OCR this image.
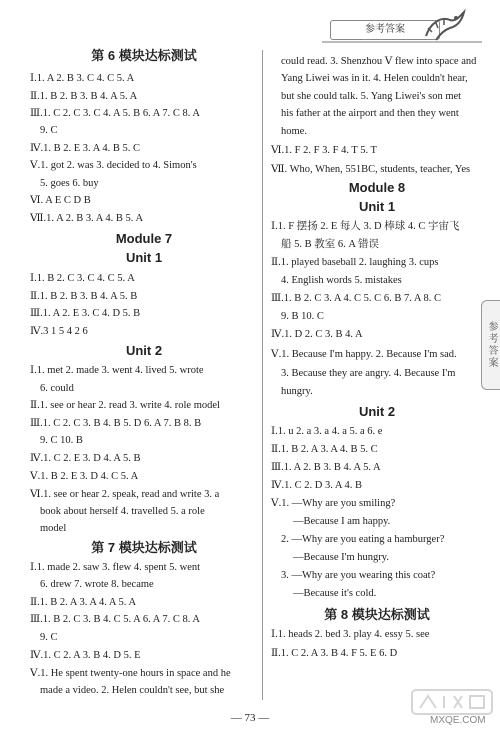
参考答案
第 6 模块达标测试
Ⅰ.1. A 2. B 3. C 4. C 5. A
Ⅱ.1. B 2. B 3. B 4. A 5. A
Ⅲ.1. C 2. C 3. C 4. A 5. B 6. A 7. C 8. A
9. C
Ⅳ.1. B 2. E 3. A 4. B 5. C
Ⅴ.1. got 2. was 3. decided to 4. Simon's
5. goes 6. buy
Ⅵ. A E C D B
Ⅶ.1. A 2. B 3. A 4. B 5. A
Module 7
Unit 1
Ⅰ.1. B 2. C 3. C 4. C 5. A
Ⅱ.1. B 2. B 3. B 4. A 5. B
Ⅲ.1. A 2. E 3. C 4. D 5. B
Ⅳ.3 1 5 4 2 6
Unit 2
Ⅰ.1. met 2. made 3. went 4. lived 5. wrote
6. could
Ⅱ.1. see or hear 2. read 3. write 4. role model
Ⅲ.1. C 2. C 3. B 4. B 5. D 6. A 7. B 8. B
9. C 10. B
Ⅳ.1. C 2. E 3. D 4. A 5. B
Ⅴ.1. B 2. E 3. D 4. C 5. A
Ⅵ.1. see or hear 2. speak, read and write 3. a
book about herself 4. travelled 5. a role
model
第 7 模块达标测试
Ⅰ.1. made 2. saw 3. flew 4. spent 5. went
6. drew 7. wrote 8. became
Ⅱ.1. B 2. A 3. A 4. A 5. A
Ⅲ.1. B 2. C 3. B 4. C 5. A 6. A 7. C 8. A
9. C
Ⅳ.1. C 2. A 3. B 4. D 5. E
Ⅴ.1. He spent twenty-one hours in space and he
made a video. 2. Helen couldn't see, but she
could read. 3. Shenzhou Ⅴ flew into space and
Yang Liwei was in it. 4. Helen couldn't hear,
but she could talk. 5. Yang Liwei's son met
his father at the airport and then they went
home.
Ⅵ.1. F 2. F 3. F 4. T 5. T
Ⅶ. Who, When, 551BC, students, teacher, Yes
Module 8
Unit 1
Ⅰ.1. F 摆扬 2. E 每人 3. D 棒球 4. C 宇宙飞
船 5. B 教室 6. A 错误
Ⅱ.1. played baseball 2. laughing 3. cups
4. English words 5. mistakes
Ⅲ.1. B 2. C 3. A 4. C 5. C 6. B 7. A 8. C
9. B 10. C
Ⅳ.1. D 2. C 3. B 4. A
Ⅴ.1. Because I'm happy. 2. Because I'm sad.
3. Because they are angry. 4. Because I'm
hungry.
Unit 2
Ⅰ.1. u 2. a 3. a 4. a 5. a 6. e
Ⅱ.1. B 2. A 3. A 4. B 5. C
Ⅲ.1. A 2. B 3. B 4. A 5. A
Ⅳ.1. C 2. D 3. A 4. B
Ⅴ.1. —Why are you smiling?
—Because I am happy.
2. —Why are you eating a hamburger?
—Because I'm hungry.
3. —Why are you wearing this coat?
—Because it's cold.
第 8 模块达标测试
Ⅰ.1. heads 2. bed 3. play 4. essy 5. see
Ⅱ.1. C 2. A 3. B 4. F 5. E 6. D
参考答案
MXQE.COM
— 73 —
